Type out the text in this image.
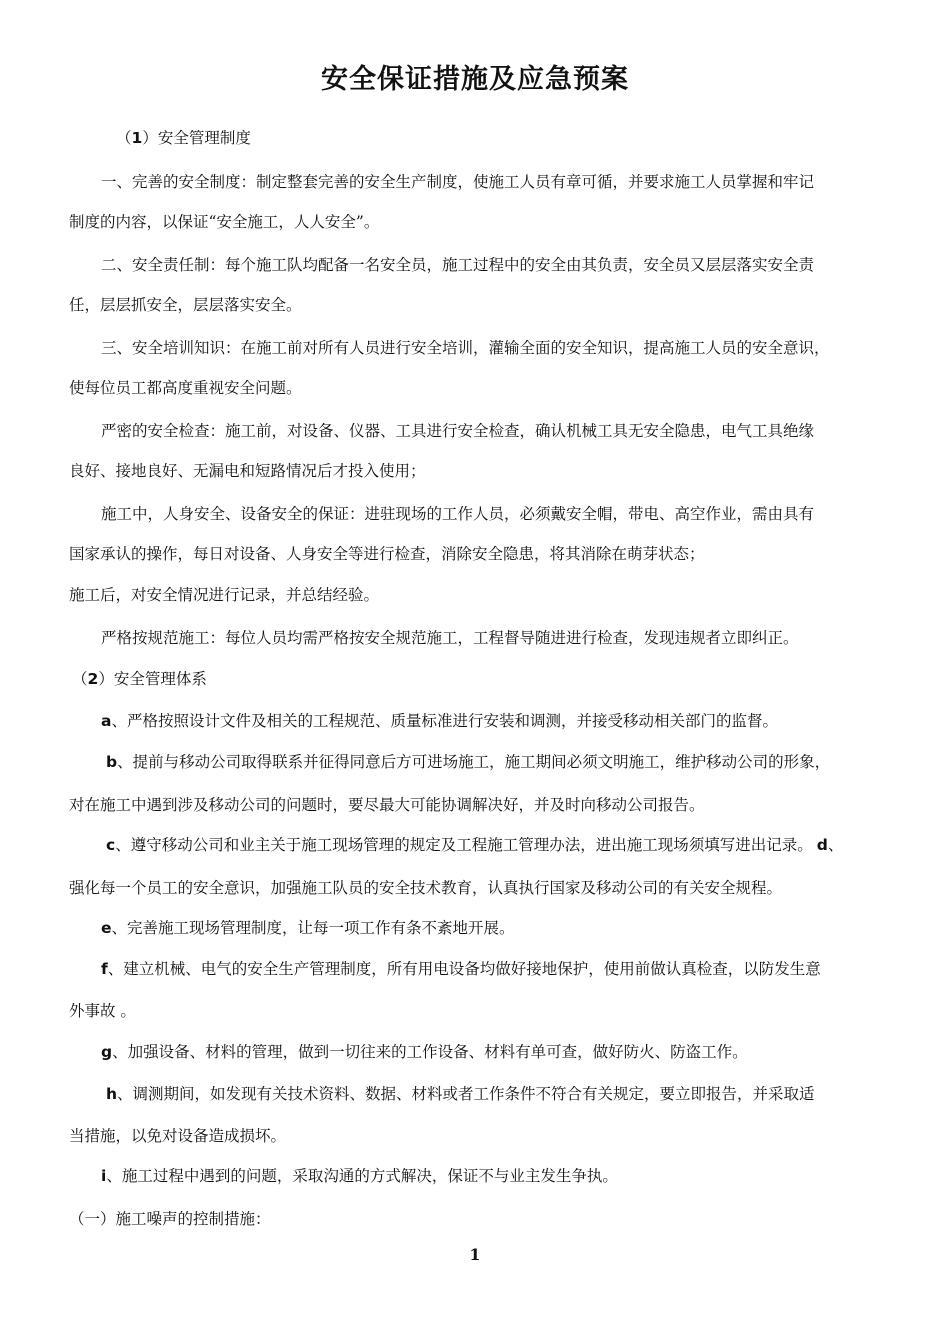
安全保证措施及应急预案
（1）安全管理制度
一、完善的安全制度：制定整套完善的安全生产制度，使施工人员有章可循，并要求施工人员掌握和牢记
制度的内容，以保证“安全施工，人人安全”。
二、安全责任制：每个施工队均配备一名安全员，施工过程中的安全由其负责，安全员又层层落实安全责
任，层层抓安全，层层落实安全。
三、安全培训知识：在施工前对所有人员进行安全培训，灌输全面的安全知识，提高施工人员的安全意识，
使每位员工都高度重视安全问题。
严密的安全检查：施工前，对设备、仪器、工具进行安全检查，确认机械工具无安全隐患，电气工具绝缘
良好、接地良好、无漏电和短路情况后才投入使用；
施工中，人身安全、设备安全的保证：进驻现场的工作人员，必须戴安全帽，带电、高空作业，需由具有
国家承认的操作，每日对设备、人身安全等进行检查，消除安全隐患，将其消除在萌芽状态；
施工后，对安全情况进行记录，并总结经验。
严格按规范施工：每位人员均需严格按安全规范施工，工程督导随进进行检查，发现违规者立即纠正。
（2）安全管理体系
a、严格按照设计文件及相关的工程规范、质量标准进行安装和调测，并接受移动相关部门的监督。
b、提前与移动公司取得联系并征得同意后方可进场施工，施工期间必须文明施工，维护移动公司的形象，
对在施工中遇到涉及移动公司的问题时，要尽最大可能协调解决好，并及时向移动公司报告。
c、遵守移动公司和业主关于施工现场管理的规定及工程施工管理办法，进出施工现场须填写进出记录。 d、
强化每一个员工的安全意识，加强施工队员的安全技术教育，认真执行国家及移动公司的有关安全规程。
e、完善施工现场管理制度，让每一项工作有条不紊地开展。
f、建立机械、电气的安全生产管理制度，所有用电设备均做好接地保护，使用前做认真检查，以防发生意
外事故 。
g、加强设备、材料的管理，做到一切往来的工作设备、材料有单可查，做好防火、防盗工作。
h、调测期间，如发现有关技术资料、数据、材料或者工作条件不符合有关规定，要立即报告，并采取适
当措施，以免对设备造成损坏。
i、施工过程中遇到的问题，采取沟通的方式解决，保证不与业主发生争执。
（一）施工噪声的控制措施：
1
